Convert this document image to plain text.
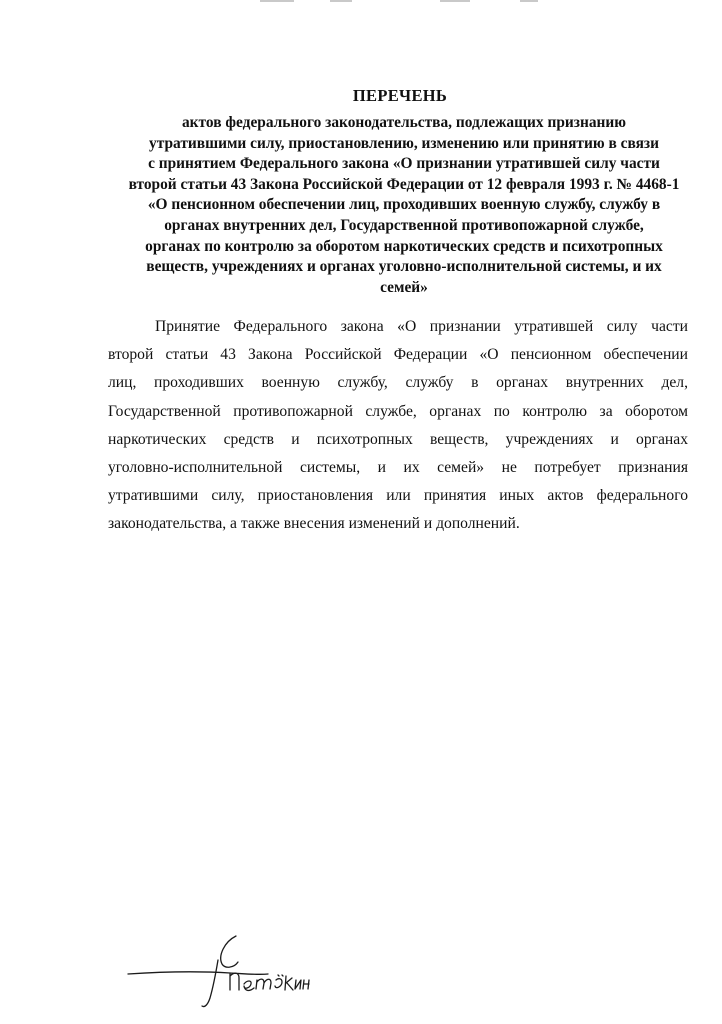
ПЕРЕЧЕНЬ
актов федерального законодательства, подлежащих признанию
утратившими силу, приостановлению, изменению или принятию в связи
с принятием Федерального закона «О признании утратившей силу части
второй статьи 43 Закона Российской Федерации от 12 февраля 1993 г. № 4468-1
«О пенсионном обеспечении лиц, проходивших военную службу, службу в
органах внутренних дел, Государственной противопожарной службе,
органах по контролю за оборотом наркотических средств и психотропных
веществ, учреждениях и органах уголовно-исполнительной системы, и их
семей»
Принятие Федерального закона «О признании утратившей силу части
второй статьи 43 Закона Российской Федерации «О пенсионном обеспечении
лиц, проходивших военную службу, службу в органах внутренних дел,
Государственной противопожарной службе, органах по контролю за оборотом
наркотических средств и психотропных веществ, учреждениях и органах
уголовно-исполнительной системы, и их семей» не потребует признания
утратившими силу, приостановления или принятия иных актов федерального
законодательства, а также внесения изменений и дополнений.
